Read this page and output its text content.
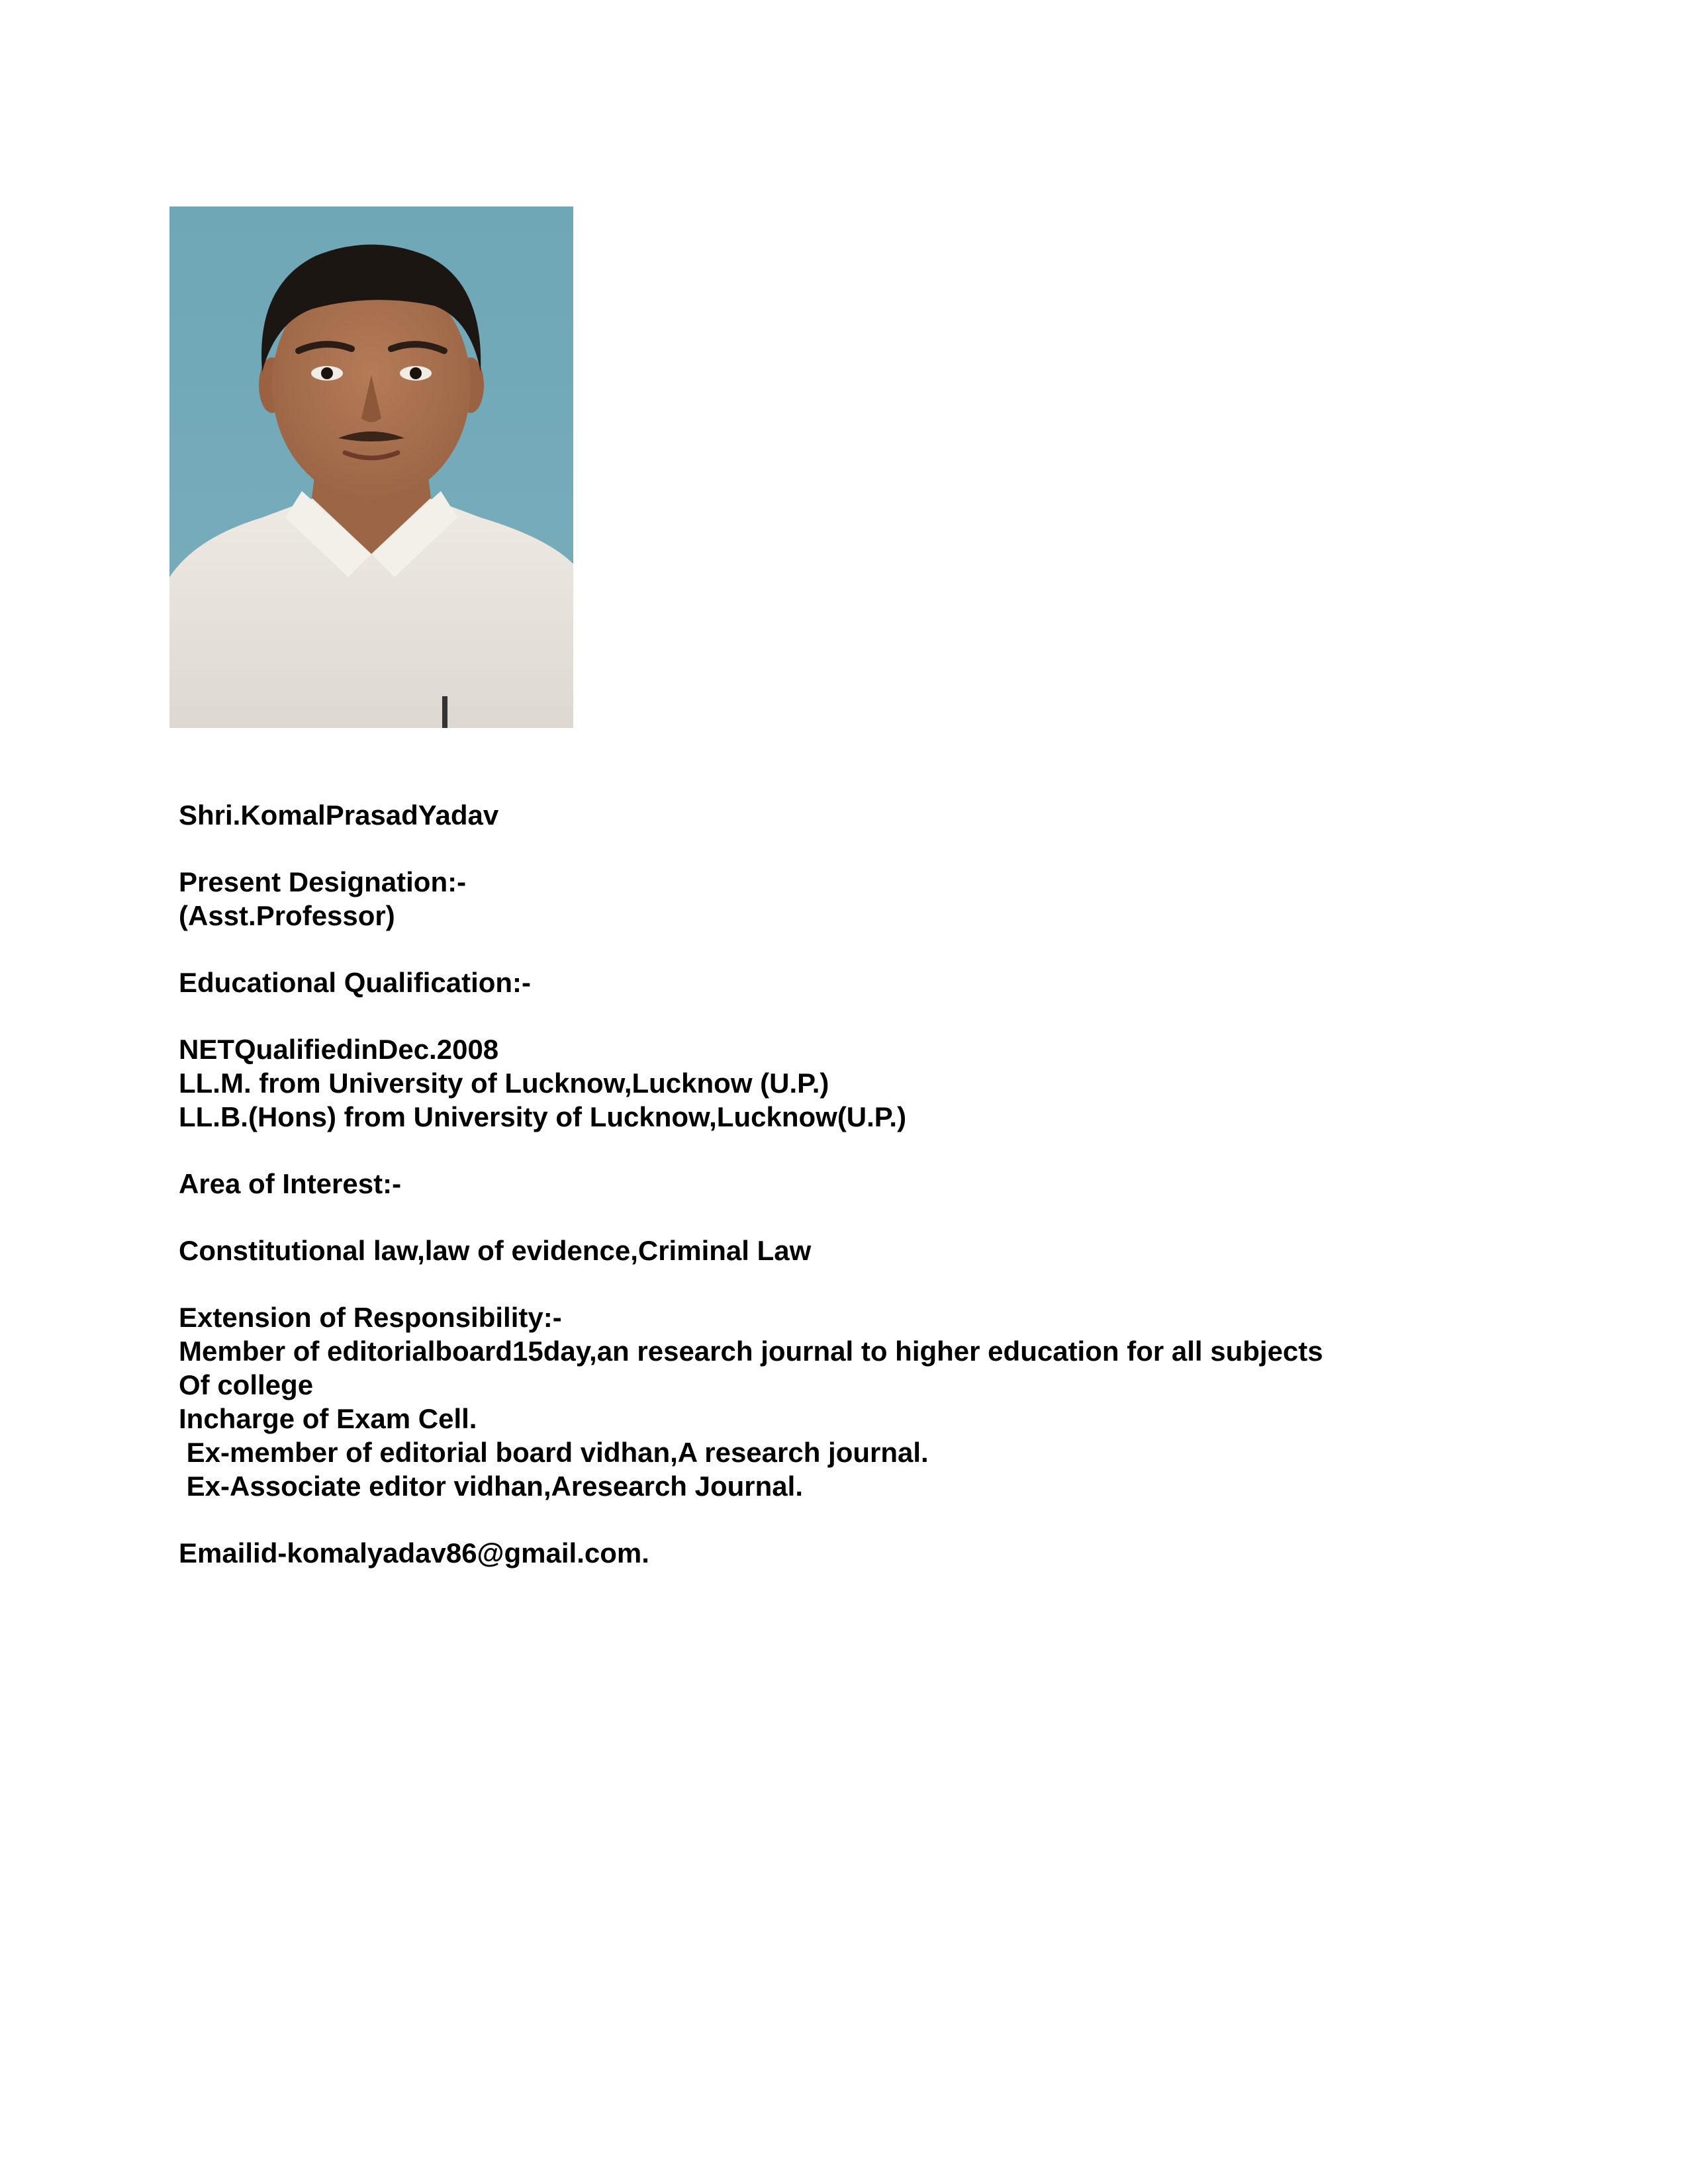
Shri.KomalPrasadYadav
Present Designation:-
(Asst.Professor)
Educational Qualification:-
NETQualifiedinDec.2008
LL.M. from University of Lucknow,Lucknow (U.P.)
LL.B.(Hons) from University of Lucknow,Lucknow(U.P.)
Area of Interest:-
Constitutional law,law of evidence,Criminal Law
Extension of Responsibility:-
Member of editorialboard15day,an research journal to higher education for all subjects
Of college
Incharge of Exam Cell.
Ex-member of editorial board vidhan,A research journal.
Ex-Associate editor vidhan,Aresearch Journal.
Emailid-komalyadav86@gmail.com.
